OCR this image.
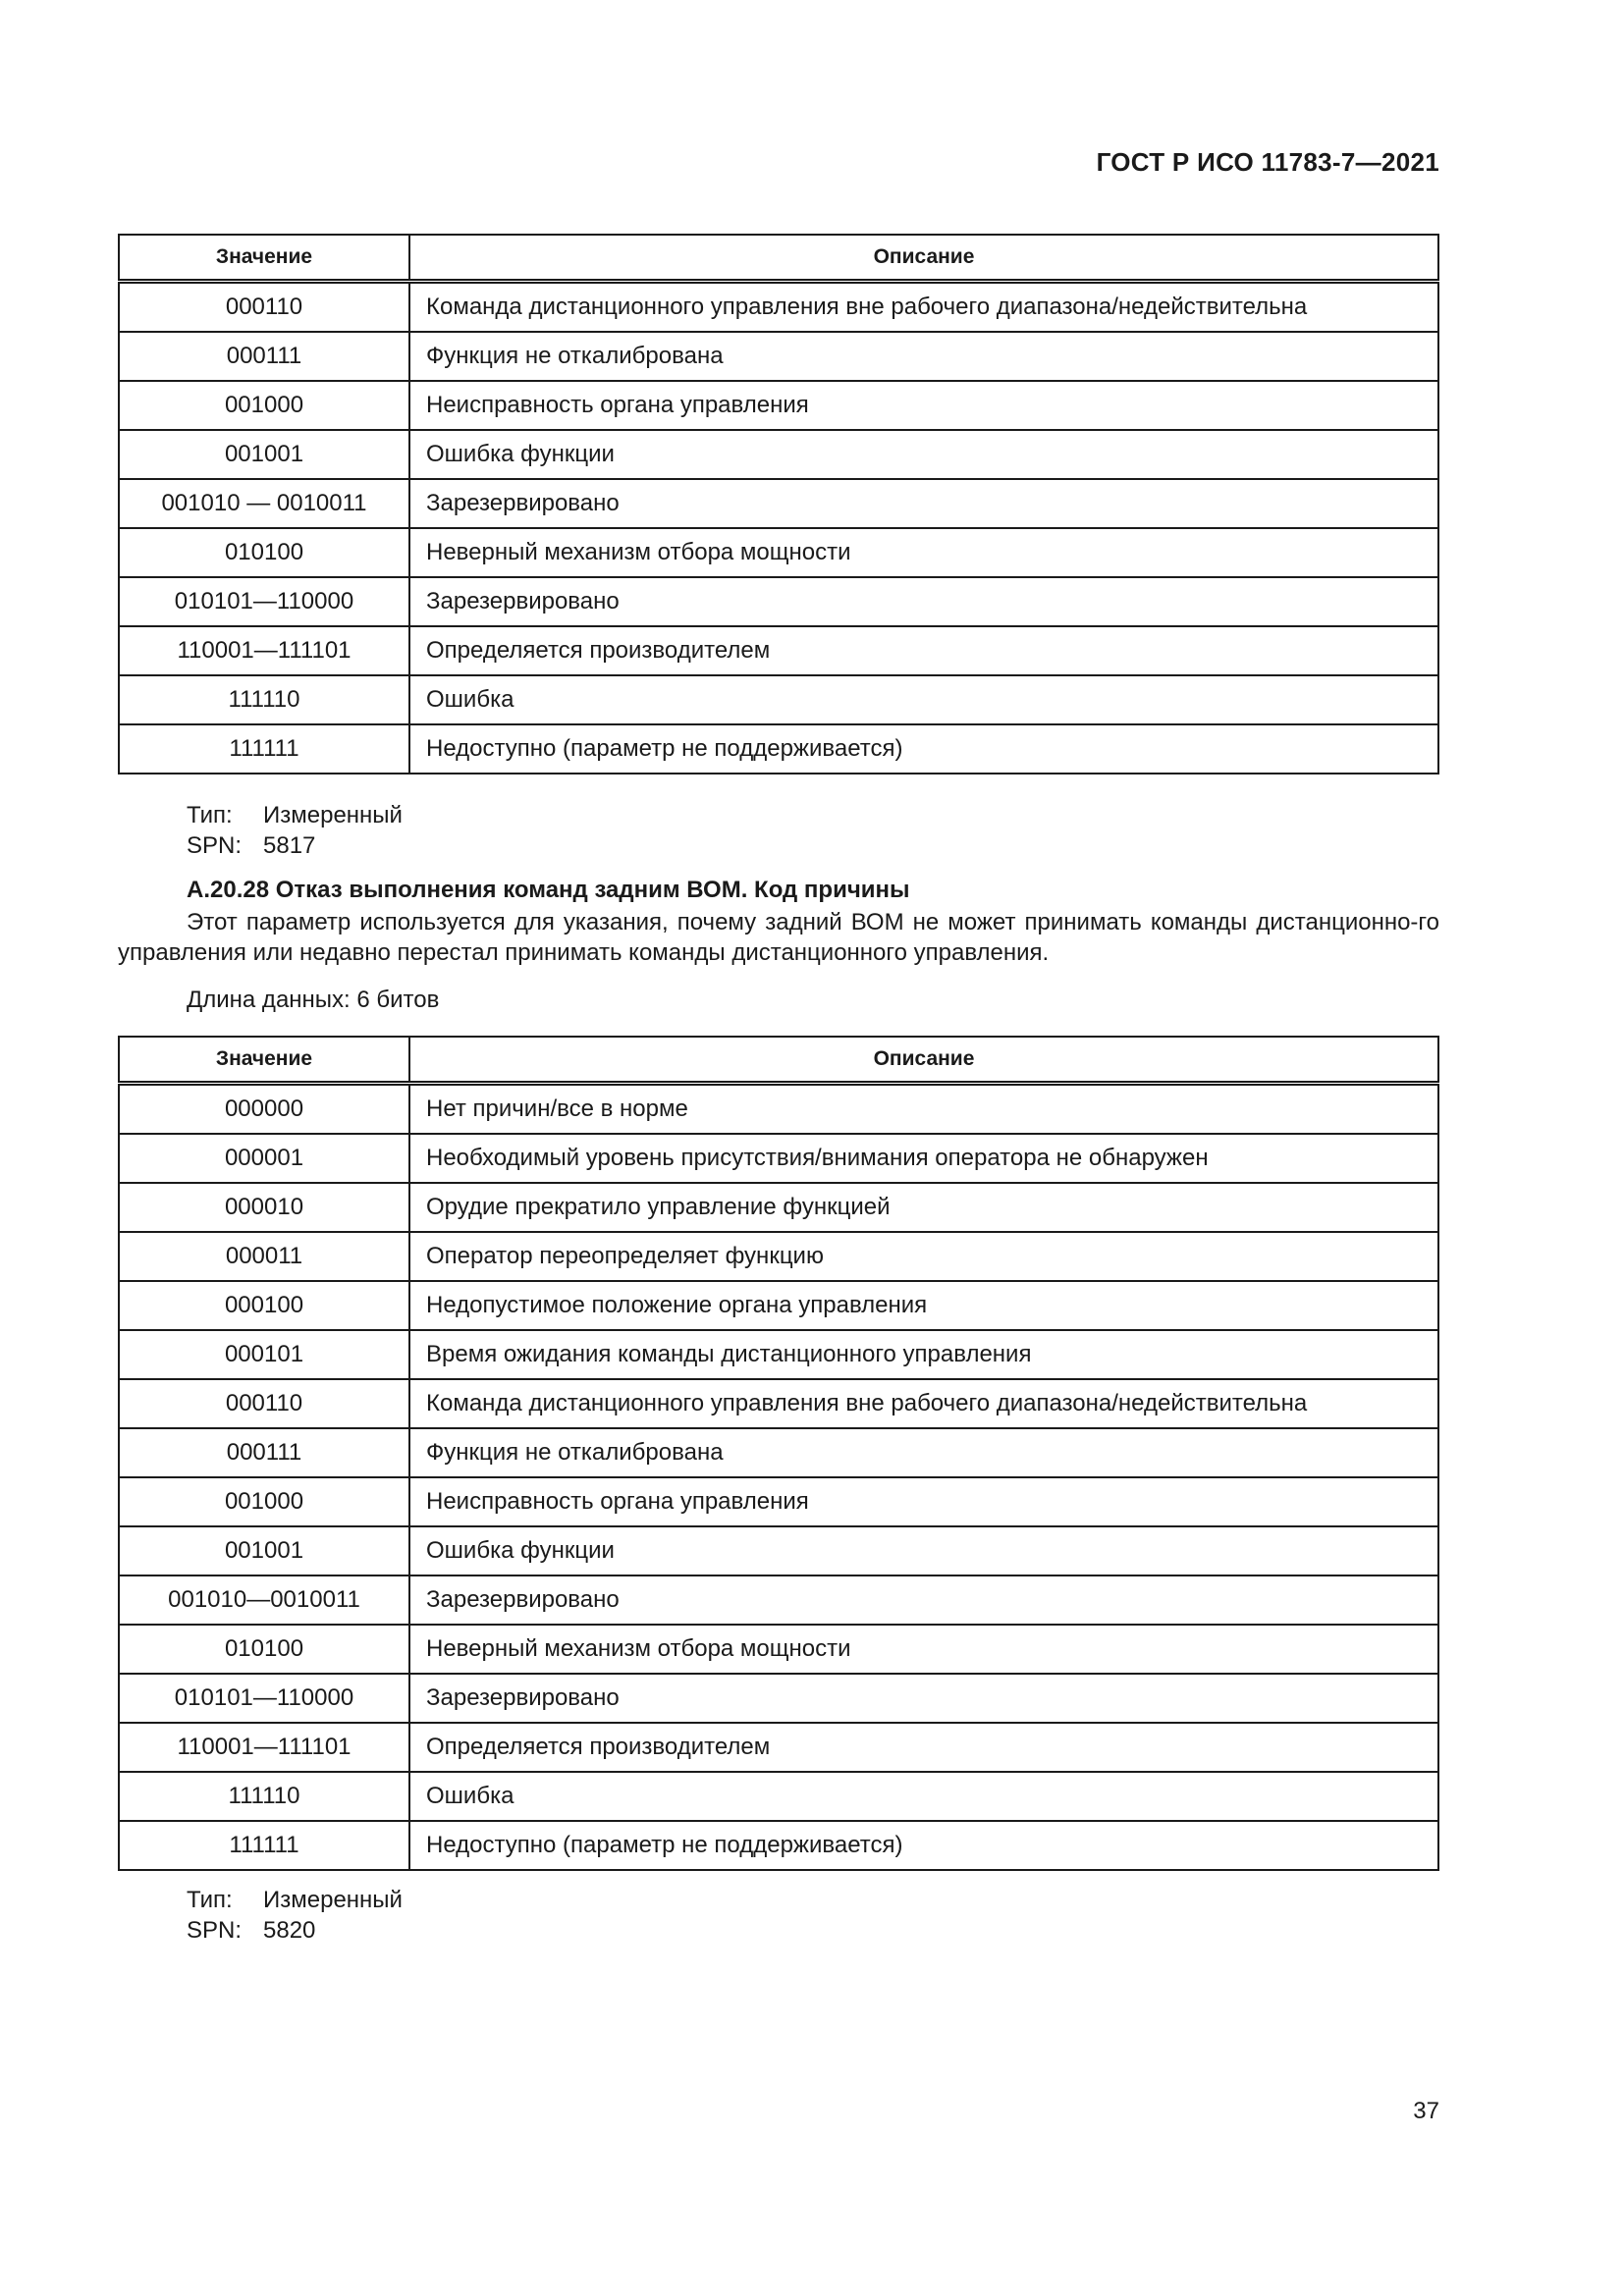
ГОСТ Р ИСО 11783-7—2021
Значение	Описание
000110	Команда дистанционного управления вне рабочего диапазона/недействительна
000111	Функция не откалибрована
001000	Неисправность органа управления
001001	Ошибка функции
001010 — 0010011	Зарезервировано
010100	Неверный механизм отбора мощности
010101—110000	Зарезервировано
110001—111101	Определяется производителем
111110	Ошибка
111111	Недоступно (параметр не поддерживается)
Тип: Измеренный
SPN: 5817
А.20.28 Отказ выполнения команд задним ВОМ. Код причины
Этот параметр используется для указания, почему задний ВОМ не может принимать команды дистанционно-го управления или недавно перестал принимать команды дистанционного управления.
Длина данных: 6 битов
Значение	Описание
000000	Нет причин/все в норме
000001	Необходимый уровень присутствия/внимания оператора не обнаружен
000010	Орудие прекратило управление функцией
000011	Оператор переопределяет функцию
000100	Недопустимое положение органа управления
000101	Время ожидания команды дистанционного управления
000110	Команда дистанционного управления вне рабочего диапазона/недействительна
000111	Функция не откалибрована
001000	Неисправность органа управления
001001	Ошибка функции
001010—0010011	Зарезервировано
010100	Неверный механизм отбора мощности
010101—110000	Зарезервировано
110001—111101	Определяется производителем
111110	Ошибка
111111	Недоступно (параметр не поддерживается)
Тип: Измеренный
SPN: 5820
37
